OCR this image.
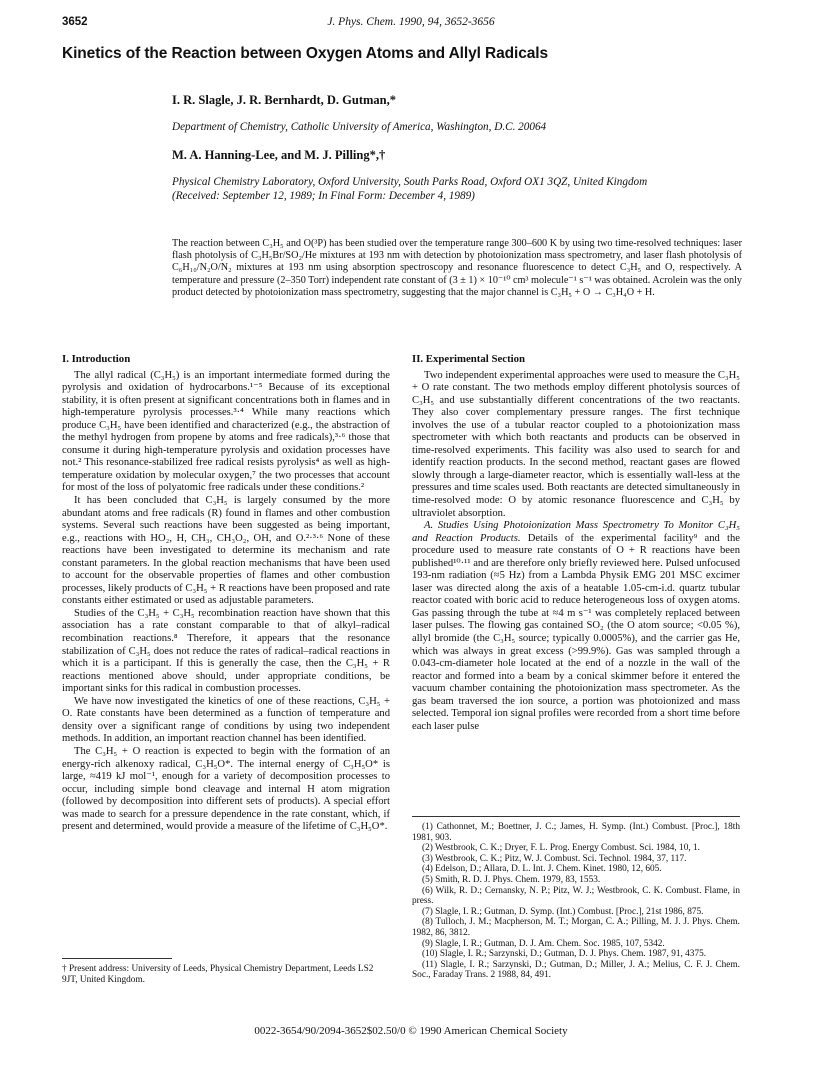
3652	J. Phys. Chem. 1990, 94, 3652-3656
Kinetics of the Reaction between Oxygen Atoms and Allyl Radicals
I. R. Slagle, J. R. Bernhardt, D. Gutman,*
Department of Chemistry, Catholic University of America, Washington, D.C. 20064
M. A. Hanning-Lee, and M. J. Pilling*,†
Physical Chemistry Laboratory, Oxford University, South Parks Road, Oxford OX1 3QZ, United Kingdom
(Received: September 12, 1989; In Final Form: December 4, 1989)
The reaction between C₃H₅ and O(³P) has been studied over the temperature range 300–600 K by using two time-resolved techniques: laser flash photolysis of C₃H₅Br/SO₂/He mixtures at 193 nm with detection by photoionization mass spectrometry, and laser flash photolysis of C₆H₁₀/N₂O/N₂ mixtures at 193 nm using absorption spectroscopy and resonance fluorescence to detect C₃H₅ and O, respectively. A temperature and pressure (2–350 Torr) independent rate constant of (3 ± 1) × 10⁻¹⁰ cm³ molecule⁻¹ s⁻¹ was obtained. Acrolein was the only product detected by photoionization mass spectrometry, suggesting that the major channel is C₃H₅ + O → C₃H₄O + H.
I. Introduction

The allyl radical (C₃H₅) is an important intermediate formed during the pyrolysis and oxidation of hydrocarbons.¹⁻⁵ Because of its exceptional stability, it is often present at significant concentrations both in flames and in high-temperature pyrolysis processes.³·⁴ While many reactions which produce C₃H₅ have been identified and characterized (e.g., the abstraction of the methyl hydrogen from propene by atoms and free radicals),³·⁶ those that consume it during high-temperature pyrolysis and oxidation processes have not.² This resonance-stabilized free radical resists pyrolysis⁴ as well as high-temperature oxidation by molecular oxygen,⁷ the two processes that account for most of the loss of polyatomic free radicals under these conditions.²

It has been concluded that C₃H₅ is largely consumed by the more abundant atoms and free radicals (R) found in flames and other combustion systems. Several such reactions have been suggested as being important, e.g., reactions with HO₂, H, CH₃, CH₃O₂, OH, and O.²·³·⁶ None of these reactions have been investigated to determine its mechanism and rate constant parameters. In the global reaction mechanisms that have been used to account for the observable properties of flames and other combustion processes, likely products of C₃H₅ + R reactions have been proposed and rate constants either estimated or used as adjustable parameters.

Studies of the C₃H₅ + C₃H₅ recombination reaction have shown that this association has a rate constant comparable to that of alkyl–radical recombination reactions.⁸ Therefore, it appears that the resonance stabilization of C₃H₅ does not reduce the rates of radical–radical reactions in which it is a participant. If this is generally the case, then the C₃H₅ + R reactions mentioned above should, under appropriate conditions, be important sinks for this radical in combustion processes.

We have now investigated the kinetics of one of these reactions, C₃H₅ + O. Rate constants have been determined as a function of temperature and density over a significant range of conditions by using two independent methods. In addition, an important reaction channel has been identified.

The C₃H₅ + O reaction is expected to begin with the formation of an energy-rich alkenoxy radical, C₃H₅O*. The internal energy of C₃H₅O* is large, ≈419 kJ mol⁻¹, enough for a variety of decomposition processes to occur, including simple bond cleavage and internal H atom migration (followed by decomposition into different sets of products). A special effort was made to search for a pressure dependence in the rate constant, which, if present and determined, would provide a measure of the lifetime of C₃H₅O*.

† Present address: University of Leeds, Physical Chemistry Department, Leeds LS2 9JT, United Kingdom.
II. Experimental Section

Two independent experimental approaches were used to measure the C₃H₅ + O rate constant. The two methods employ different photolysis sources of C₃H₅ and use substantially different concentrations of the two reactants. They also cover complementary pressure ranges. The first technique involves the use of a tubular reactor coupled to a photoionization mass spectrometer with which both reactants and products can be observed in time-resolved experiments. This facility was also used to search for and identify reaction products. In the second method, reactant gases are flowed slowly through a large-diameter reactor, which is essentially wall-less at the pressures and time scales used. Both reactants are detected simultaneously in time-resolved mode: O by atomic resonance fluorescence and C₃H₅ by ultraviolet absorption.

A. Studies Using Photoionization Mass Spectrometry To Monitor C₃H₅ and Reaction Products. Details of the experimental facility⁹ and the procedure used to measure rate constants of O + R reactions have been published¹⁰·¹¹ and are therefore only briefly reviewed here. Pulsed unfocused 193-nm radiation (≈5 Hz) from a Lambda Physik EMG 201 MSC excimer laser was directed along the axis of a heatable 1.05-cm-i.d. quartz tubular reactor coated with boric acid to reduce heterogeneous loss of oxygen atoms. Gas passing through the tube at ≈4 m s⁻¹ was completely replaced between laser pulses. The flowing gas contained SO₂ (the O atom source; <0.05 %), allyl bromide (the C₃H₅ source; typically 0.0005%), and the carrier gas He, which was always in great excess (>99.9%). Gas was sampled through a 0.043-cm-diameter hole located at the end of a nozzle in the wall of the reactor and formed into a beam by a conical skimmer before it entered the vacuum chamber containing the photoionization mass spectrometer. As the gas beam traversed the ion source, a portion was photoionized and mass selected. Temporal ion signal profiles were recorded from a short time before each laser pulse

(1) Cathonnet, M.; Boettner, J. C.; James, H. Symp. (Int.) Combust. [Proc.], 18th 1981, 903.
(2) Westbrook, C. K.; Dryer, F. L. Prog. Energy Combust. Sci. 1984, 10, 1.
(3) Westbrook, C. K.; Pitz, W. J. Combust. Sci. Technol. 1984, 37, 117.
(4) Edelson, D.; Allara, D. L. Int. J. Chem. Kinet. 1980, 12, 605.
(5) Smith, R. D. J. Phys. Chem. 1979, 83, 1553.
(6) Wilk, R. D.; Cernansky, N. P.; Pitz, W. J.; Westbrook, C. K. Combust. Flame, in press.
(7) Slagle, I. R.; Gutman, D. Symp. (Int.) Combust. [Proc.], 21st 1986, 875.
(8) Tulloch, J. M.; Macpherson, M. T.; Morgan, C. A.; Pilling, M. J. J. Phys. Chem. 1982, 86, 3812.
(9) Slagle, I. R.; Gutman, D. J. Am. Chem. Soc. 1985, 107, 5342.
(10) Slagle, I. R.; Sarzynski, D.; Gutman, D. J. Phys. Chem. 1987, 91, 4375.
(11) Slagle, I. R.; Sarzynski, D.; Gutman, D.; Miller, J. A.; Melius, C. F. J. Chem. Soc., Faraday Trans. 2 1988, 84, 491.
0022-3654/90/2094-3652$02.50/0 © 1990 American Chemical Society
